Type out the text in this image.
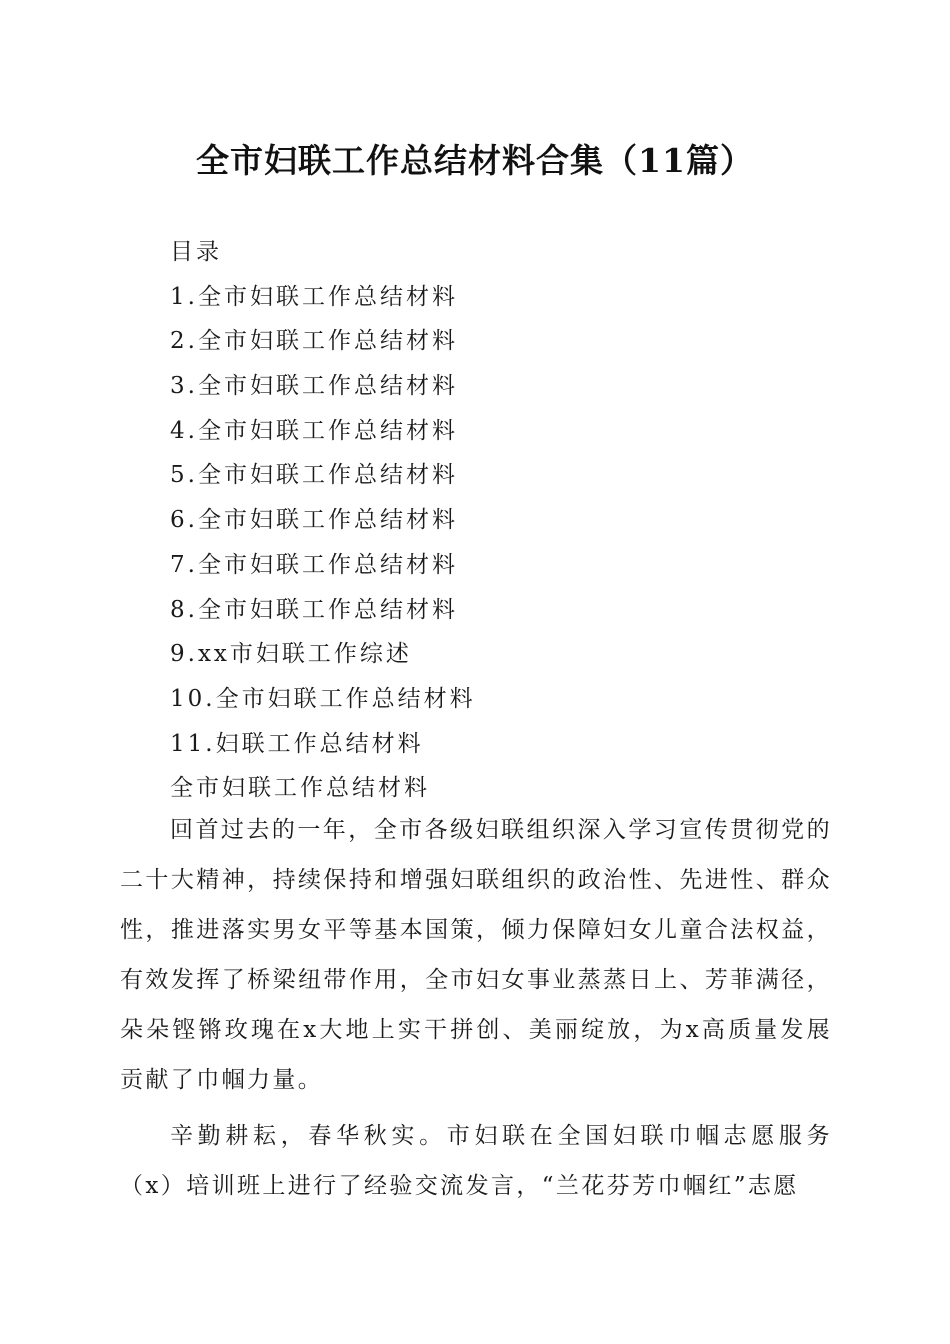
全市妇联工作总结材料合集（11篇）
目录
1.全市妇联工作总结材料
2.全市妇联工作总结材料
3.全市妇联工作总结材料
4.全市妇联工作总结材料
5.全市妇联工作总结材料
6.全市妇联工作总结材料
7.全市妇联工作总结材料
8.全市妇联工作总结材料
9.xx市妇联工作综述
10.全市妇联工作总结材料
11.妇联工作总结材料
全市妇联工作总结材料

回首过去的一年，全市各级妇联组织深入学习宣传贯彻党的二十大精神，持续保持和增强妇联组织的政治性、先进性、群众性，推进落实男女平等基本国策，倾力保障妇女儿童合法权益，有效发挥了桥梁纽带作用，全市妇女事业蒸蒸日上、芳菲满径，朵朵铿锵玫瑰在x大地上实干拼创、美丽绽放，为x高质量发展贡献了巾帼力量。

辛勤耕耘，春华秋实。市妇联在全国妇联巾帼志愿服务（x）培训班上进行了经验交流发言，“兰花芬芳巾帼红”志愿
